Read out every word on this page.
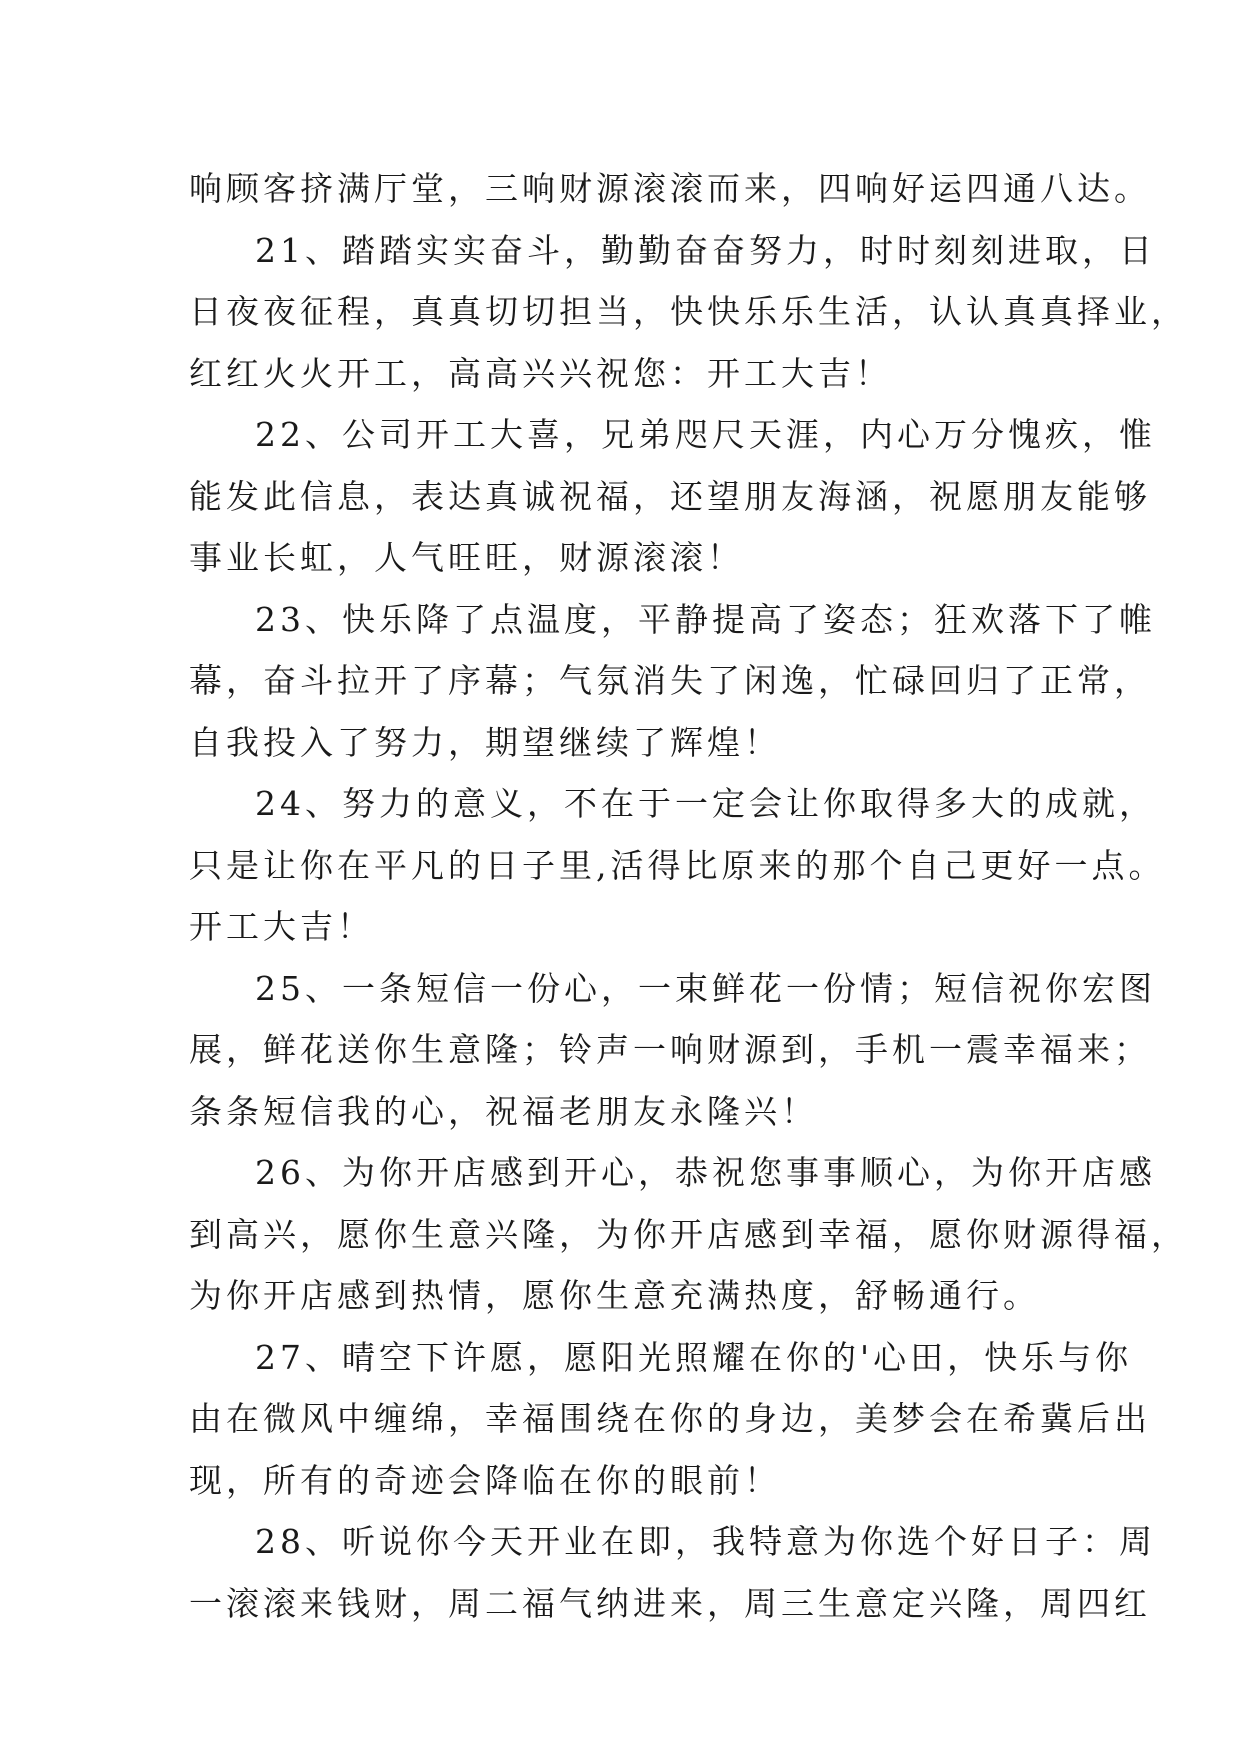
响顾客挤满厅堂，三响财源滚滚而来，四响好运四通八达。
21、踏踏实实奋斗，勤勤奋奋努力，时时刻刻进取，日
日夜夜征程，真真切切担当，快快乐乐生活，认认真真择业，
红红火火开工，高高兴兴祝您：开工大吉！
22、公司开工大喜，兄弟咫尺天涯，内心万分愧疚，惟
能发此信息，表达真诚祝福，还望朋友海涵，祝愿朋友能够
事业长虹，人气旺旺，财源滚滚！
23、快乐降了点温度，平静提高了姿态；狂欢落下了帷
幕，奋斗拉开了序幕；气氛消失了闲逸，忙碌回归了正常，
自我投入了努力，期望继续了辉煌！
24、努力的意义，不在于一定会让你取得多大的成就，
只是让你在平凡的日子里,活得比原来的那个自己更好一点。
开工大吉！
25、一条短信一份心，一束鲜花一份情；短信祝你宏图
展，鲜花送你生意隆；铃声一响财源到，手机一震幸福来；
条条短信我的心，祝福老朋友永隆兴！
26、为你开店感到开心，恭祝您事事顺心，为你开店感
到高兴，愿你生意兴隆，为你开店感到幸福，愿你财源得福，
为你开店感到热情，愿你生意充满热度，舒畅通行。
27、晴空下许愿，愿阳光照耀在你的'心田，快乐与你
由在微风中缠绵，幸福围绕在你的身边，美梦会在希冀后出
现，所有的奇迹会降临在你的眼前！
28、听说你今天开业在即，我特意为你选个好日子：周
一滚滚来钱财，周二福气纳进来，周三生意定兴隆，周四红
